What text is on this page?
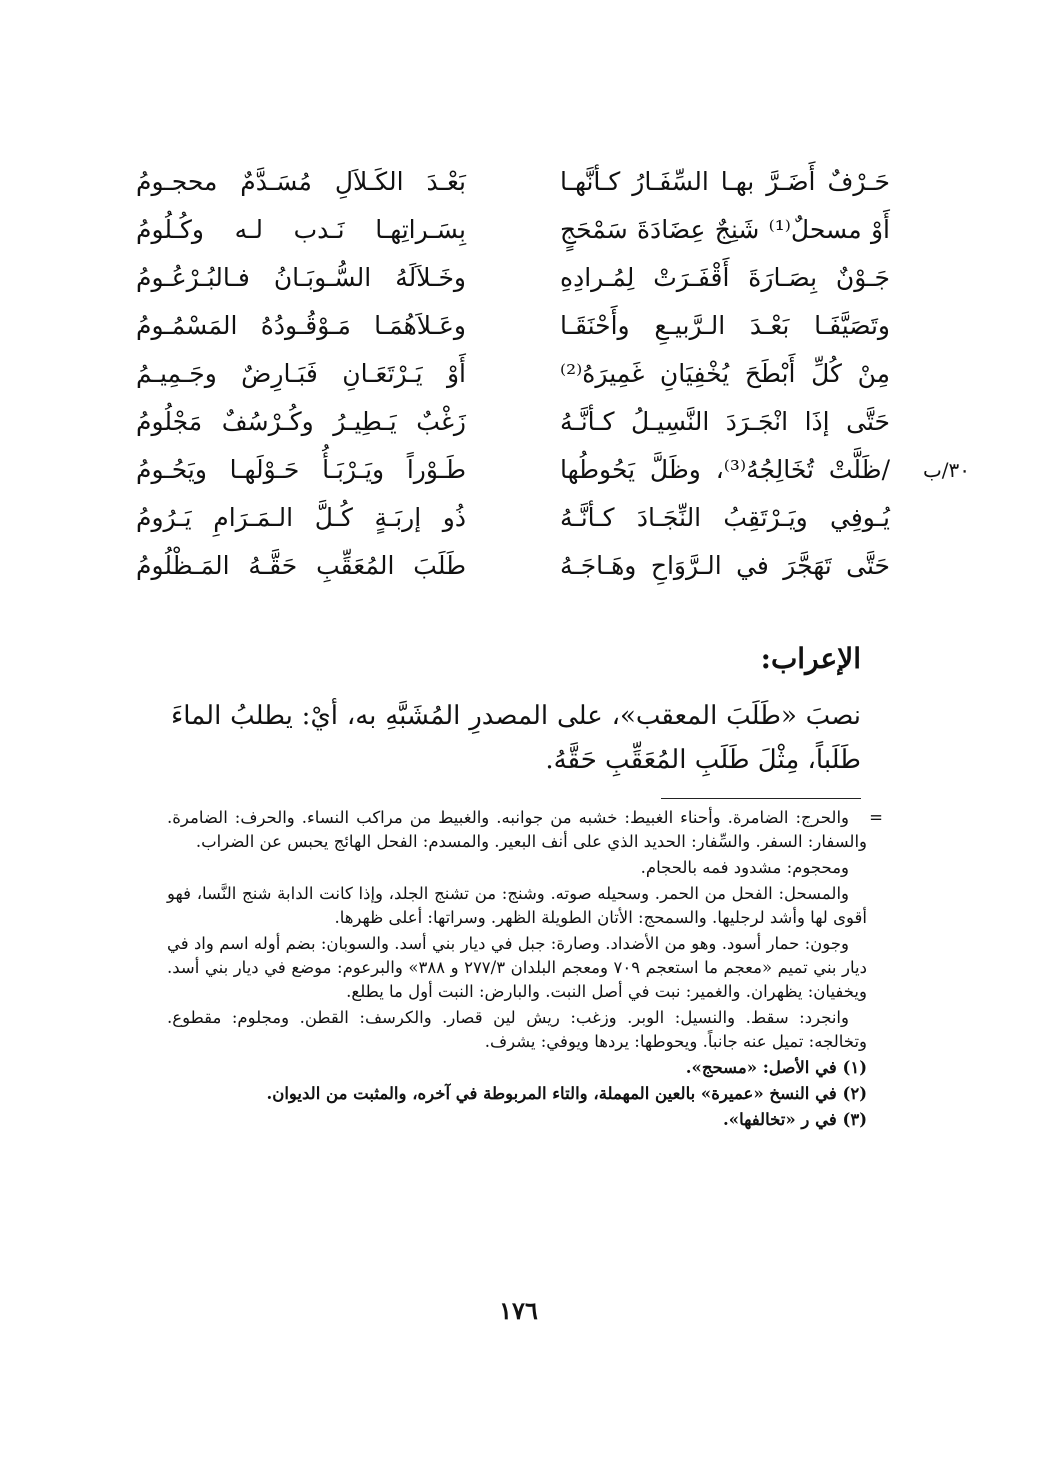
حَـرْفٌ أَضَـرَّ بهـا السِّفَـارُ كـأنَّهـا
بَعْـدَ الكَـلاَلِ مُسَـدَّمٌ محجـومُ
أَوْ مسحلٌ⁽¹⁾ شَنِجٌ عِضَادَةَ سَمْحَجٍ
بِسَـراتِهـا نَـدب لـه وكُـلُومُ
جَـوْنٌ بِصَـارَةَ أَقْفَـرَتْ لِمُـرادِهِ
وخَـلاَلَهُ السُّـوبَـانُ فـالبُـرْعُـومُ
وتَصَيَّفَـا بَعْـدَ الـرَّبيـعِ وأَحْنَقَـا
وعَـلاَهُمَـا مَـوْقُـودُهُ المَسْمُـومُ
مِنْ كُلِّ أَبْطَحَ يُخْفِيَانِ غَمِيرَهُ⁽²⁾
أَوْ يَـرْتَعَـانِ فَبَـارِضٌ وجَـمِيـمُ
حَتَّى إذَا انْجَـرَدَ النَّسِيـلُ كـأنَّـهُ
زَغْبٌ يَـطِيـرُ وكُـرْسُفٌ مَجْلُومُ
٣٠/ب
/ظَلَّتْ تُخَالِجُهُ⁽³⁾، وظَلَّ يَحُوطُها
طَـوْراً ويَـرْبَـأُ حَـوْلَهـا ويَحُـومُ
يُـوفِي ويَـرْتَقِبُ النِّجَـادَ كـأنَّـهُ
ذُو إربَـةٍ كُـلَّ الـمَـرَامِ يَـرُومُ
حَتَّى تَهَجَّرَ في الـرَّوَاحِ وهَـاجَـهُ
طَلَبَ المُعَقِّبِ حَقَّـهُ المَـظْلُومُ
الإعراب:
نصبَ «طَلَبَ المعقب»، على المصدرِ المُشَبَّهِ به، أيْ: يطلبُ الماءَ طَلَباً، مِثْلَ طَلَبِ المُعَقِّبِ حَقَّهُ.
=

والحرج: الضامرة. وأحناء الغبيط: خشبه من جوانبه. والغبيط من مراكب النساء. والحرف: الضامرة. والسفار: السفر. والسِّفار: الحديد الذي على أنف البعير. والمسدم: الفحل الهائج يحبس عن الضراب.

ومحجوم: مشدود فمه بالحجام.

والمسحل: الفحل من الحمر. وسحيله صوته. وشنج: من تشنج الجلد، وإذا كانت الدابة شنج النَّسا، فهو أقوى لها وأشد لرجليها. والسمحج: الأتان الطويلة الظهر. وسراتها: أعلى ظهرها.

وجون: حمار أسود. وهو من الأضداد. وصارة: جبل في ديار بني أسد. والسوبان: بضم أوله اسم واد في ديار بني تميم «معجم ما استعجم ٧٠٩ ومعجم البلدان ٢٧٧/٣ و ٣٨٨» والبرعوم: موضع في ديار بني أسد. ويخفيان: يظهران. والغمير: نبت في أصل النبت. والبارض: النبت أول ما يطلع.

وانجرد: سقط. والنسيل: الوبر. وزغب: ريش لين قصار. والكرسف: القطن. ومجلوم: مقطوع. وتخالجه: تميل عنه جانباً. ويحوطها: يردها ويوفي: يشرف.

(١) في الأصل: «مسحج».

(٢) في النسخ «عميرة» بالعين المهملة، والتاء المربوطة في آخره، والمثبت من الديوان.

(٣) في ر «تخالفها».

١٧٦
